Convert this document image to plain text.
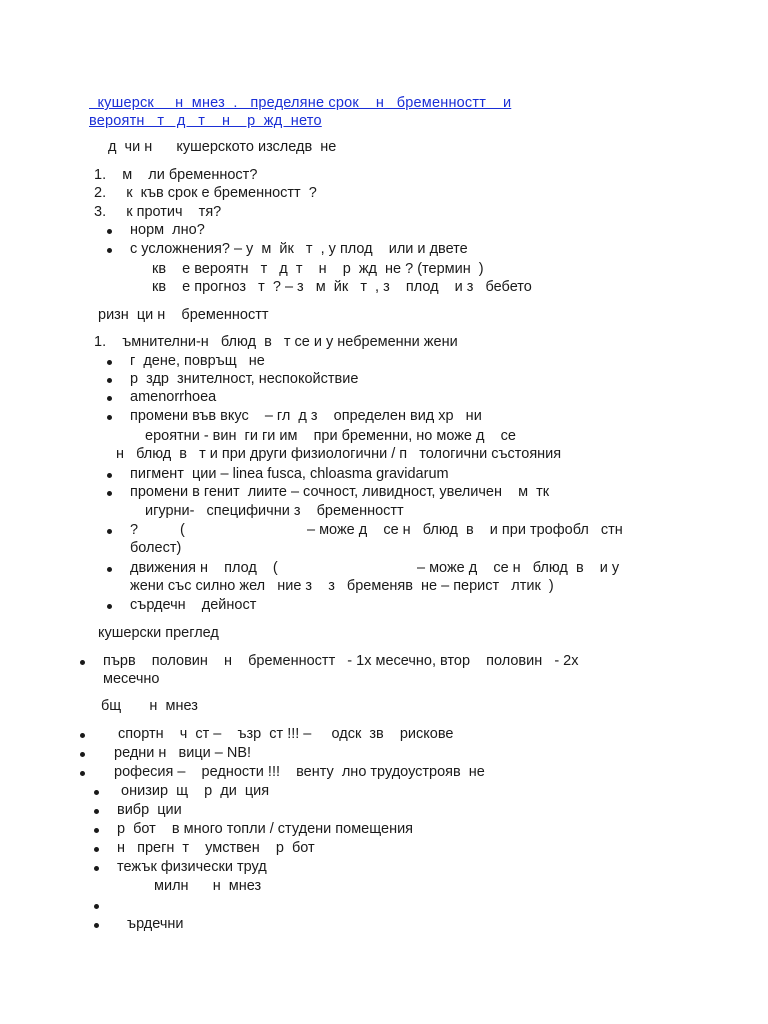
кушерск     н  мнез  .   пределяне срок    н   бременностт    и
вероятн   т   д   т    н    р  жд  нето
д  чи н      кушерското изследв  не
1.    м    ли бременност?
2.     к  къв срок е бременностт  ?
3.     к протич    тя?
норм  лно?
с усложнения? – у  м  йк   т  , у плод    или и двете
кв    е вероятн   т   д  т    н    р  жд  не ? (термин  )
кв    е прогноз   т  ? – з   м  йк   т  , з    плод    и з   бебето
ризн  ци н    бременностт
1.    ъмнителни-н   блюд  в   т се и у небременни жени
г  дене, повръщ   не
р  здр  знителност, неспокойствие
amenorrhoea
промени във вкус    – гл  д з    определен вид хр   ни
ероятни - вин  ги ги им    при бременни, но може д    се
н   блюд  в   т и при други физиологични / п   тологични състояния
пигмент  ции – linea fusca, chloasma gravidarum
промени в генит  лиите – сочност, ливидност, увеличен    м  тк
игурни-   специфични з    бременностт
?	(	– може д    се н   блюд  в    и при трофобл   стн
болест)
движения н    плод    (	– може д    се н   блюд  в    и у
жени със силно жел   ние з    з   бременяв  не – перист   лтик  )
сърдечн    дейност
кушерски преглед
първ    половин    н    бременностт   - 1х месечно, втор    половин   - 2х
месечно
бщ       н  мнез
спортн    ч  ст –    ъзр  ст !!! –     одск  зв    рискове
редни н   вици – NB!
рофесия –    редности !!!    венту  лно трудоустрояв  не
онизир  щ    р  ди  ция
вибр  ции
р  бот    в много топли / студени помещения
н   прегн  т    умствен    р  бот
тежък физически труд
милн      н  мнез
ърдечни
